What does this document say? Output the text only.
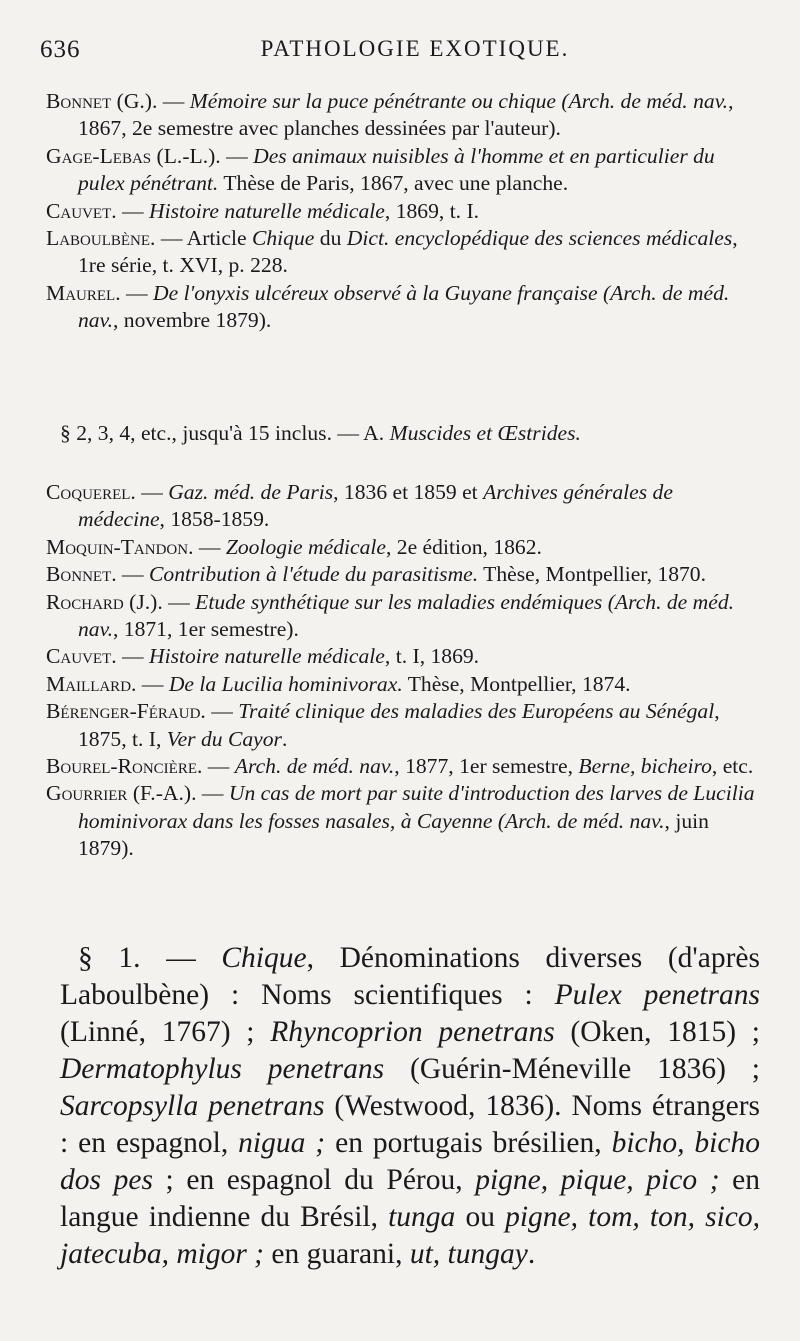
636	PATHOLOGIE EXOTIQUE.
Bonnet (G.). — Mémoire sur la puce pénétrante ou chique (Arch. de méd. nav., 1867, 2e semestre avec planches dessinées par l'auteur).
Gage-Lebas (L.-L.). — Des animaux nuisibles à l'homme et en particulier du pulex pénétrant. Thèse de Paris, 1867, avec une planche.
Cauvet. — Histoire naturelle médicale, 1869, t. I.
Laboulbène. — Article Chique du Dict. encyclopédique des sciences médicales, 1re série, t. XVI, p. 228.
Maurel. — De l'onyxis ulcéreux observé à la Guyane française (Arch. de méd. nav., novembre 1879).
§ 2, 3, 4, etc., jusqu'à 15 inclus. — A. Muscides et Œstrides.
Coquerel. — Gaz. méd. de Paris, 1836 et 1859 et Archives générales de médecine, 1858-1859.
Moquin-Tandon. — Zoologie médicale, 2e édition, 1862.
Bonnet. — Contribution à l'étude du parasitisme. Thèse, Montpellier, 1870.
Rochard (J.). — Etude synthétique sur les maladies endémiques (Arch. de méd. nav., 1871, 1er semestre).
Cauvet. — Histoire naturelle médicale, t. I, 1869.
Maillard. — De la Lucilia hominivorax. Thèse, Montpellier, 1874.
Bérenger-Féraud. — Traité clinique des maladies des Européens au Sénégal, 1875, t. I, Ver du Cayor.
Bourel-Roncière. — Arch. de méd. nav., 1877, 1er semestre, Berne, bicheiro, etc.
Gourrier (F.-A.). — Un cas de mort par suite d'introduction des larves de Lucilia hominivorax dans les fosses nasales, à Cayenne (Arch. de méd. nav., juin 1879).
§ 1. — Chique, Dénominations diverses (d'après Laboulbène) : Noms scientifiques : Pulex penetrans (Linné, 1767) ; Rhyncoprion penetrans (Oken, 1815) ; Dermatophylus penetrans (Guérin-Méneville 1836) ; Sarcopsylla penetrans (Westwood, 1836). Noms étrangers : en espagnol, nigua ; en portugais brésilien, bicho, bicho dos pes ; en espagnol du Pérou, pigne, pique, pico ; en langue indienne du Brésil, tunga ou pigne, tom, ton, sico, jatecuba, migor ; en guarani, ut, tungay.
